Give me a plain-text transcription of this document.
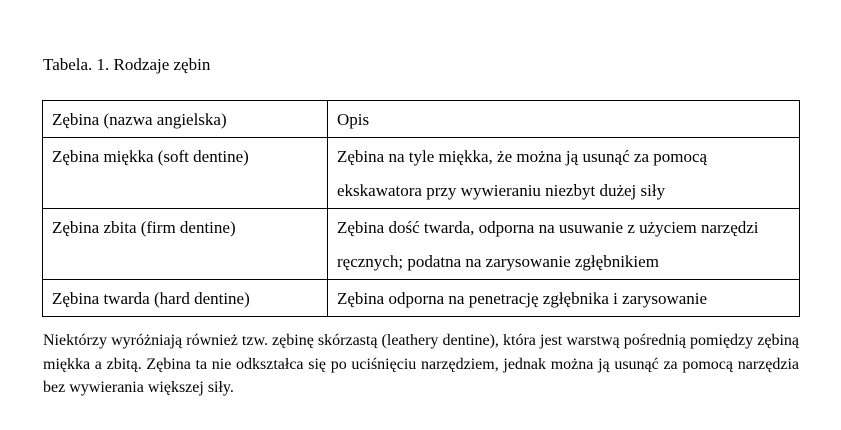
Tabela. 1. Rodzaje zębin
Zębina (nazwa angielska)	Opis
Zębina miękka (soft dentine)	Zębina na tyle miękka, że można ją usunąć za pomocą ekskawatora przy wywieraniu niezbyt dużej siły
Zębina zbita (firm dentine)	Zębina dość twarda, odporna na usuwanie z użyciem narzędzi ręcznych; podatna na zarysowanie zgłębnikiem
Zębina twarda (hard dentine)	Zębina odporna na penetrację zgłębnika i zarysowanie

Niektórzy wyróżniają również tzw. zębinę skórzastą (leathery dentine), która jest warstwą pośrednią pomiędzy zębiną miękka a zbitą. Zębina ta nie odkształca się po uciśnięciu narzędziem, jednak można ją usunąć za pomocą narzędzia bez wywierania większej siły.
